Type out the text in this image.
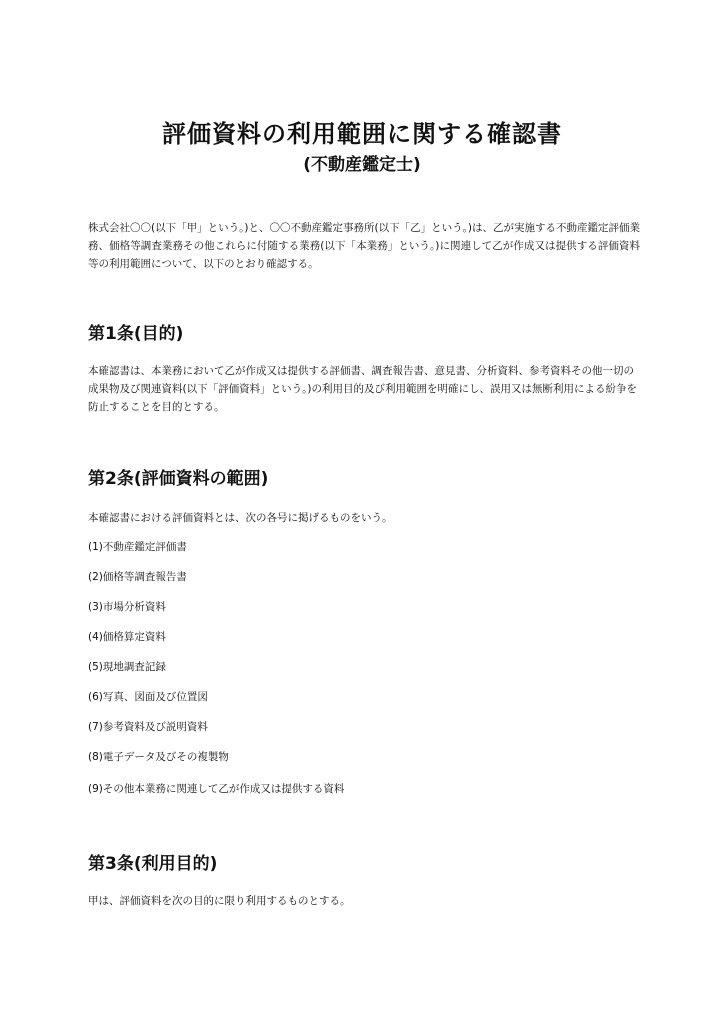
評価資料の利用範囲に関する確認書
(不動産鑑定士)
株式会社〇〇(以下「甲」という。)と、〇〇不動産鑑定事務所(以下「乙」という。)は、乙が実施する不動産鑑定評価業務、価格等調査業務その他これらに付随する業務(以下「本業務」という。)に関連して乙が作成又は提供する評価資料等の利用範囲について、以下のとおり確認する。
第1条(目的)
本確認書は、本業務において乙が作成又は提供する評価書、調査報告書、意見書、分析資料、参考資料その他一切の成果物及び関連資料(以下「評価資料」という。)の利用目的及び利用範囲を明確にし、誤用又は無断利用による紛争を防止することを目的とする。
第2条(評価資料の範囲)
本確認書における評価資料とは、次の各号に掲げるものをいう。
(1)不動産鑑定評価書
(2)価格等調査報告書
(3)市場分析資料
(4)価格算定資料
(5)現地調査記録
(6)写真、図面及び位置図
(7)参考資料及び説明資料
(8)電子データ及びその複製物
(9)その他本業務に関連して乙が作成又は提供する資料
第3条(利用目的)
甲は、評価資料を次の目的に限り利用するものとする。
